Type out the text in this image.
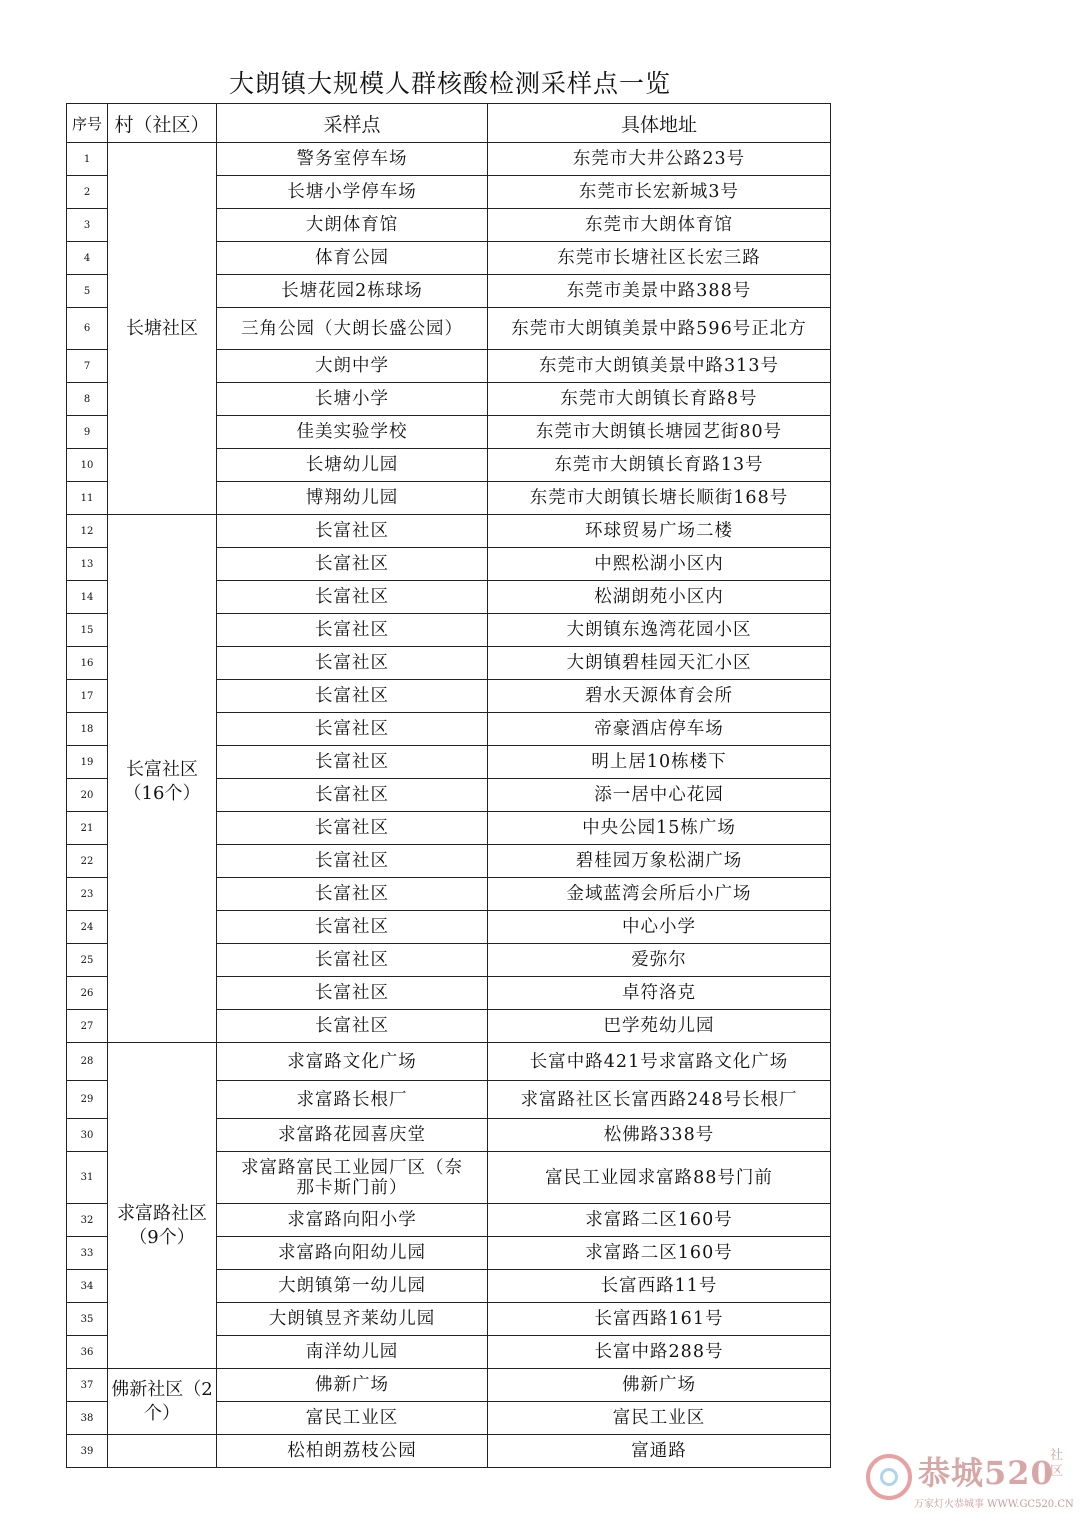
大朗镇大规模人群核酸检测采样点一览
序号	村（社区）	采样点	具体地址
1	长塘社区	警务室停车场	东莞市大井公路23号
2		长塘小学停车场	东莞市长宏新城3号
3		大朗体育馆	东莞市大朗体育馆
4		体育公园	东莞市长塘社区长宏三路
5		长塘花园2栋球场	东莞市美景中路388号
6		三角公园（大朗长盛公园）	东莞市大朗镇美景中路596号正北方
7		大朗中学	东莞市大朗镇美景中路313号
8		长塘小学	东莞市大朗镇长育路8号
9		佳美实验学校	东莞市大朗镇长塘园艺街80号
10		长塘幼儿园	东莞市大朗镇长育路13号
11		博翔幼儿园	东莞市大朗镇长塘长顺街168号
12	长富社区（16个）	长富社区	环球贸易广场二楼
13		长富社区	中熙松湖小区内
14		长富社区	松湖朗苑小区内
15		长富社区	大朗镇东逸湾花园小区
16		长富社区	大朗镇碧桂园天汇小区
17		长富社区	碧水天源体育会所
18		长富社区	帝豪酒店停车场
19		长富社区	明上居10栋楼下
20		长富社区	添一居中心花园
21		长富社区	中央公园15栋广场
22		长富社区	碧桂园万象松湖广场
23		长富社区	金域蓝湾会所后小广场
24		长富社区	中心小学
25		长富社区	爱弥尔
26		长富社区	卓符洛克
27		长富社区	巴学苑幼儿园
28	求富路社区（9个）	求富路文化广场	长富中路421号求富路文化广场
29		求富路长根厂	求富路社区长富西路248号长根厂
30		求富路花园喜庆堂	松佛路338号
31		求富路富民工业园厂区（奈那卡斯门前）	富民工业园求富路88号门前
32		求富路向阳小学	求富路二区160号
33		求富路向阳幼儿园	求富路二区160号
34		大朗镇第一幼儿园	长富西路11号
35		大朗镇昱齐莱幼儿园	长富西路161号
36		南洋幼儿园	长富中路288号
37	佛新社区（2个）	佛新广场	佛新广场
38		富民工业区	富民工业区
39		松柏朗荔枝公园	富通路
恭城520
社区
万家灯火恭城事 WWW.GC520.CN
